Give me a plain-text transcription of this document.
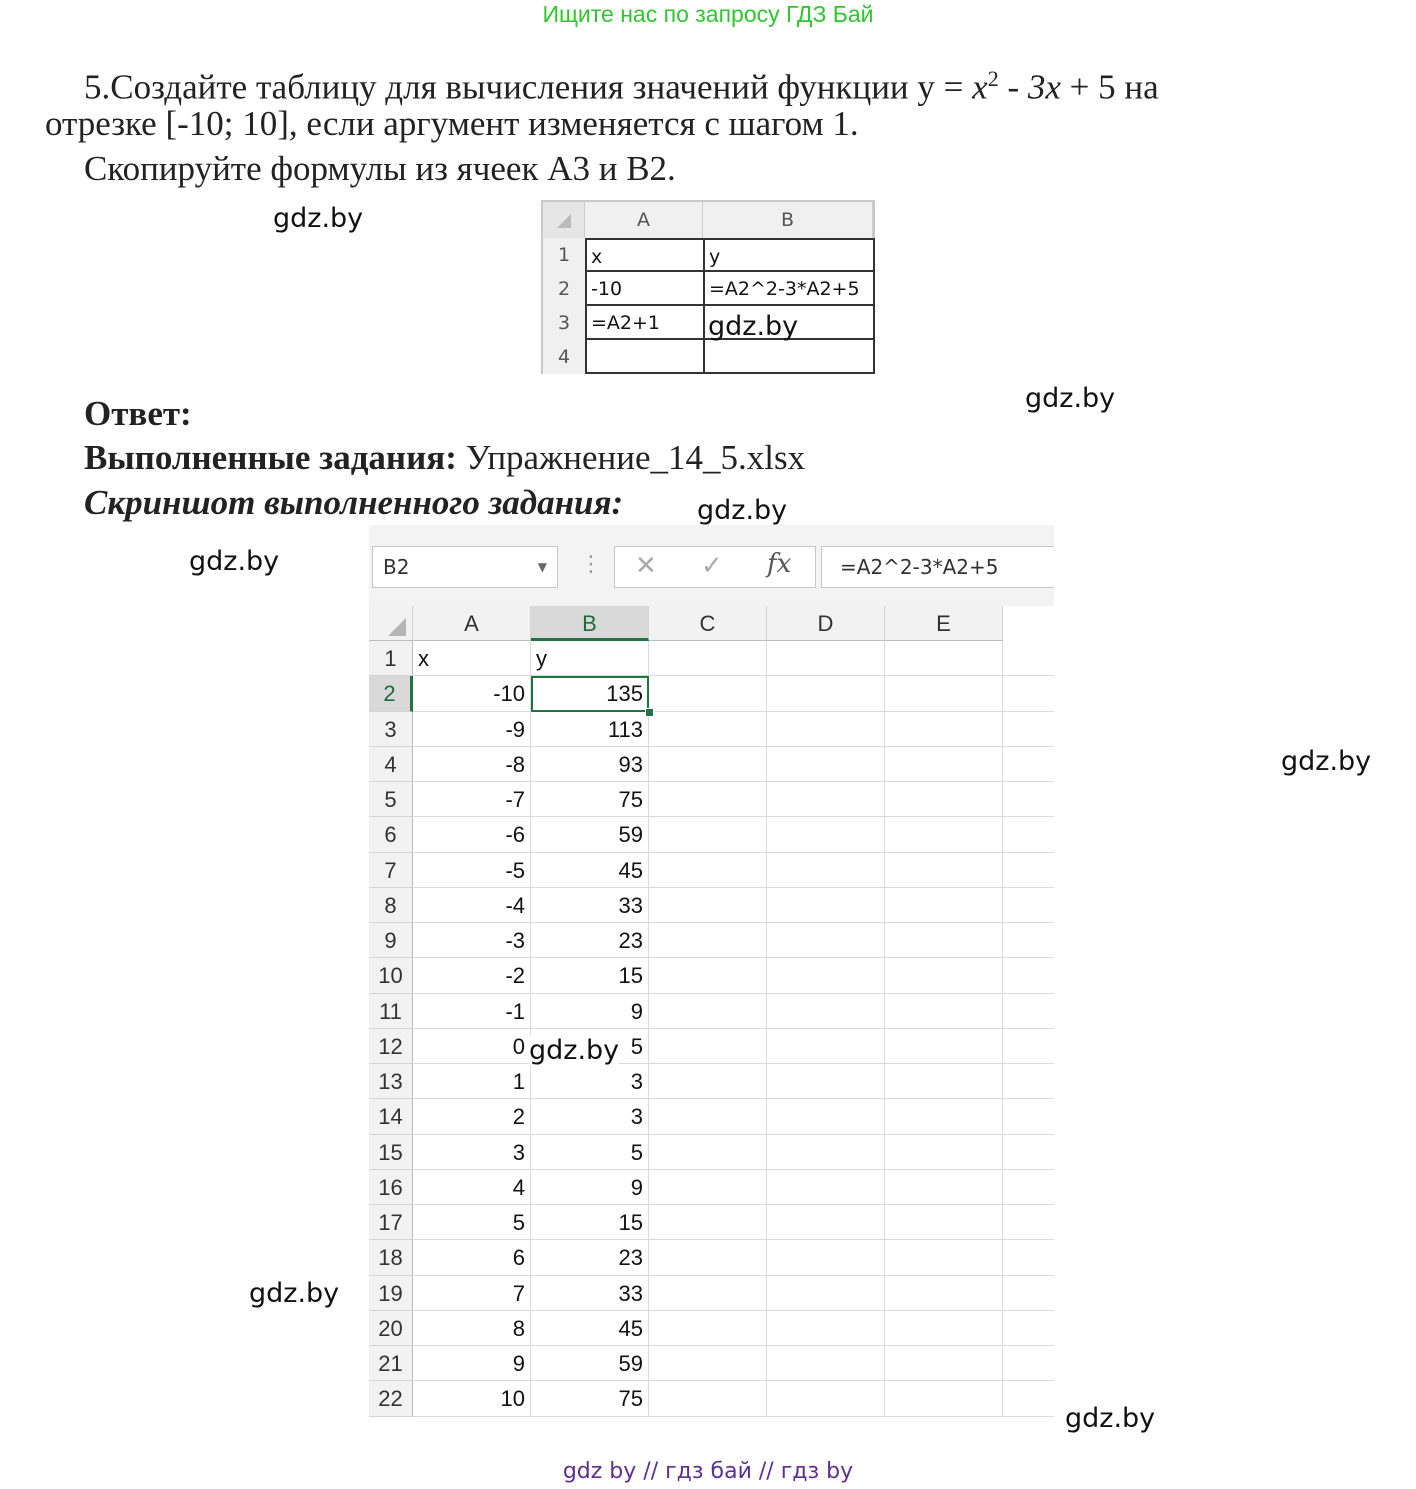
Ищите нас по запросу ГДЗ Бай
5.Создайте таблицу для вычисления значений функции $y = x^2 - 3x + 5$ на
отрезке [-10; 10], если аргумент изменяется с шагом 1.
Скопируйте формулы из ячеек А3 и В2.
A	B
1	x	y
2	-10	=A2^2-3*A2+5
3	=A2+1
4
Ответ:
Выполненные задания: Упражнение_14_5.xlsx
Скриншот выполненного задания:
B2	▼ ⋮ ✕ ✓ fx	=A2^2-3*A2+5
A	B	C	D	E
1 x	y
2	-10	135
3	-9	113
4	-8	93
5	-7	75
6	-6	59
7	-5	45
8	-4	33
9	-3	23
10	-2	15
11	-1	9
12	0	5
13	1	3
14	2	3
15	3	5
16	4	9
17	5	15
18	6	23
19	7	33
20	8	45
21	9	59
22	10	75
gdz.by
gdz.by
gdz.by
gdz.by
gdz.by
gdz.by
gdz.by
gdz.by
gdz.by
gdz by // гдз бай // гдз by
